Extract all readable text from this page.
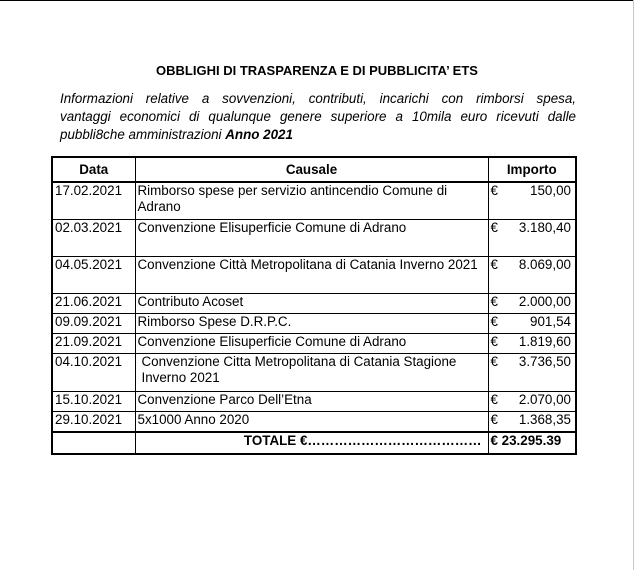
OBBLIGHI DI TRASPARENZA E DI PUBBLICITA’ ETS
Informazioni relative a sovvenzioni, contributi, incarichi con rimborsi spesa,
vantaggi economici di qualunque genere superiore a 10mila euro ricevuti dalle
pubbli8che amministrazioni Anno 2021
Data	Causale	Importo
17.02.2021	Rimborso spese per servizio antincendio Comune di Adrano	€ 150,00

02.03.2021	Convenzione Elisuperficie Comune di Adrano	€ 3.180,40

04.05.2021	Convenzione Città Metropolitana di Catania Inverno 2021	€ 8.069,00

21.06.2021	Contributo Acoset	€ 2.000,00

09.09.2021	Rimborso Spese D.R.P.C.	€ 901,54

21.09.2021	Convenzione Elisuperficie Comune di Adrano	€ 1.819,60

04.10.2021	Convenzione Citta Metropolitana di Catania Stagione Inverno 2021	€ 3.736,50

15.10.2021	Convenzione Parco Dell’Etna	€ 2.070,00

29.10.2021	5x1000 Anno 2020	€ 1.368,35

	TOTALE €…………………………………	€ 23.295.39
